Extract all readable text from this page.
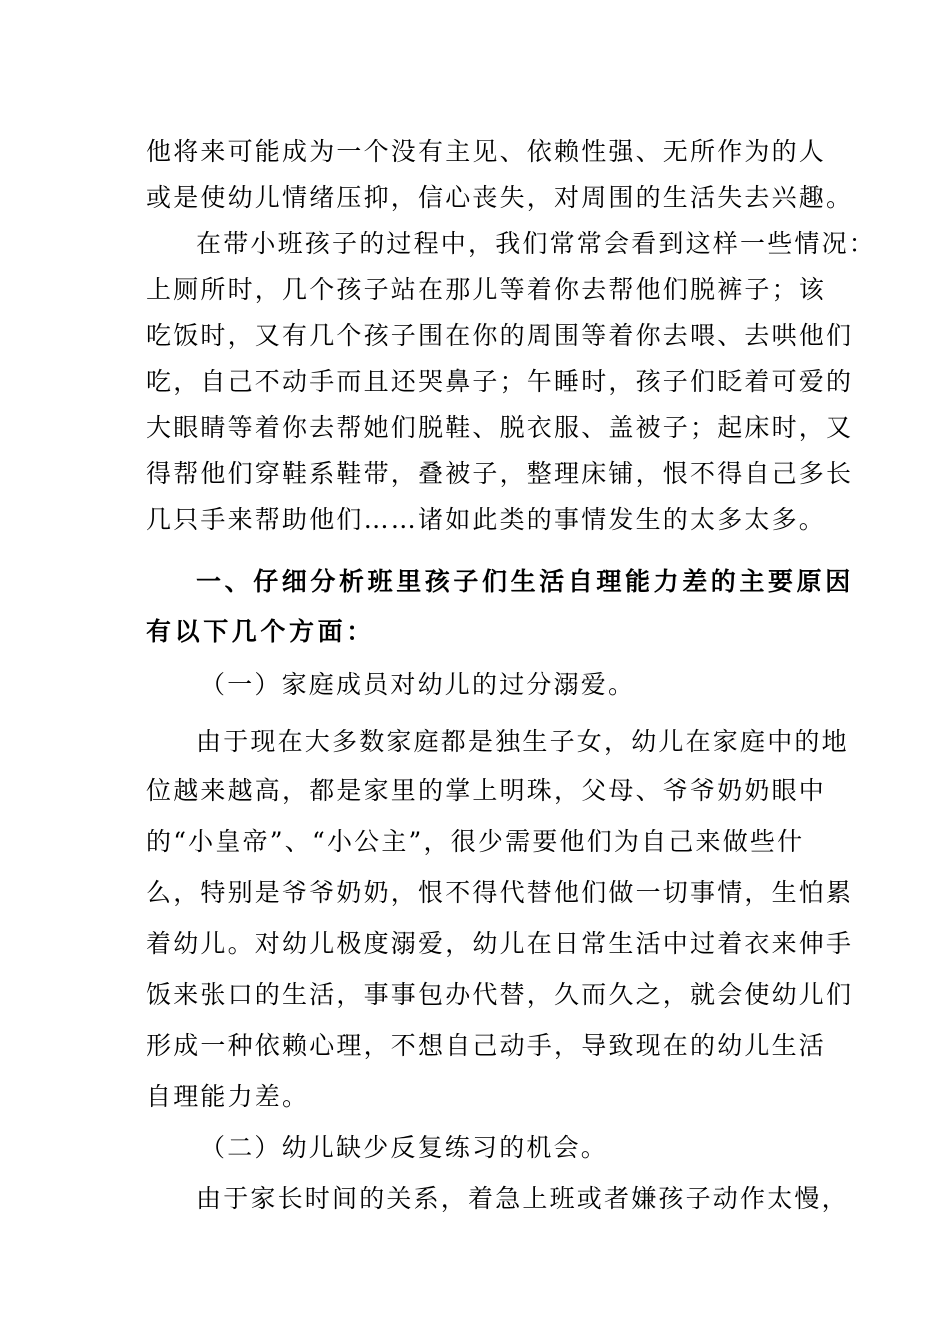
他将来可能成为一个没有主见、依赖性强、无所作为的人
或是使幼儿情绪压抑，信心丧失，对周围的生活失去兴趣。
在带小班孩子的过程中，我们常常会看到这样一些情况：
上厕所时，几个孩子站在那儿等着你去帮他们脱裤子；该
吃饭时，又有几个孩子围在你的周围等着你去喂、去哄他们
吃，自己不动手而且还哭鼻子；午睡时，孩子们眨着可爱的
大眼睛等着你去帮她们脱鞋、脱衣服、盖被子；起床时，又
得帮他们穿鞋系鞋带，叠被子，整理床铺，恨不得自己多长
几只手来帮助他们……诸如此类的事情发生的太多太多。
一、仔细分析班里孩子们生活自理能力差的主要原因
有以下几个方面：
（一）家庭成员对幼儿的过分溺爱。
由于现在大多数家庭都是独生子女，幼儿在家庭中的地
位越来越高，都是家里的掌上明珠，父母、爷爷奶奶眼中
的“小皇帝”、“小公主”，很少需要他们为自己来做些什
么，特别是爷爷奶奶，恨不得代替他们做一切事情，生怕累
着幼儿。对幼儿极度溺爱，幼儿在日常生活中过着衣来伸手
饭来张口的生活，事事包办代替，久而久之，就会使幼儿们
形成一种依赖心理，不想自己动手，导致现在的幼儿生活
自理能力差。
（二）幼儿缺少反复练习的机会。
由于家长时间的关系，着急上班或者嫌孩子动作太慢，
